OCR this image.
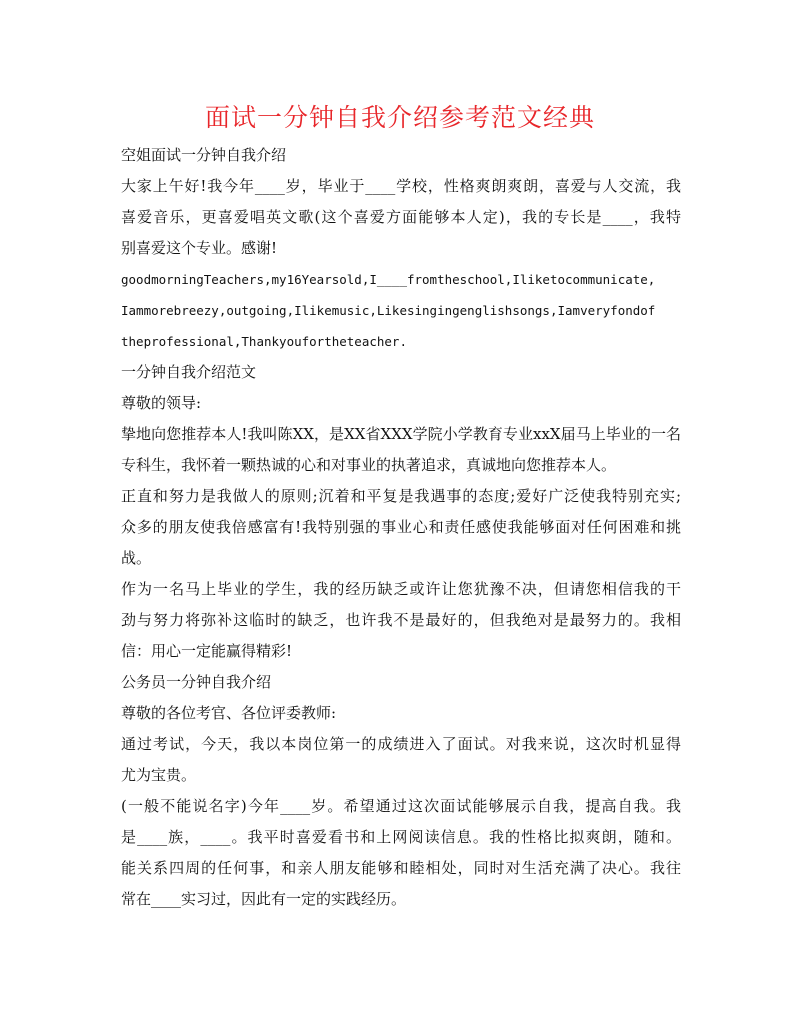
面试一分钟自我介绍参考范文经典
空姐面试一分钟自我介绍
大家上午好!我今年____岁，毕业于____学校，性格爽朗爽朗，喜爱与人交流，我
喜爱音乐，更喜爱唱英文歌(这个喜爱方面能够本人定)，我的专长是____，我特
别喜爱这个专业。感谢!
goodmorningTeachers,my16Yearsold,I____fromtheschool,Iliketocommunicate,
Iammorebreezy,outgoing,Ilikemusic,Likesingingenglishsongs,Iamveryfondof
theprofessional,Thankyoufortheteacher.
一分钟自我介绍范文
尊敬的领导:
挚地向您推荐本人!我叫陈XX，是XX省XXX学院小学教育专业xxX届马上毕业的一名
专科生，我怀着一颗热诚的心和对事业的执著追求，真诚地向您推荐本人。
正直和努力是我做人的原则;沉着和平复是我遇事的态度;爱好广泛使我特别充实;
众多的朋友使我倍感富有!我特别强的事业心和责任感使我能够面对任何困难和挑
战。
作为一名马上毕业的学生，我的经历缺乏或许让您犹豫不决，但请您相信我的干
劲与努力将弥补这临时的缺乏，也许我不是最好的，但我绝对是最努力的。我相
信：用心一定能赢得精彩!
公务员一分钟自我介绍
尊敬的各位考官、各位评委教师:
通过考试，今天，我以本岗位第一的成绩进入了面试。对我来说，这次时机显得
尤为宝贵。
(一般不能说名字)今年____岁。希望通过这次面试能够展示自我，提高自我。我
是____族，____。我平时喜爱看书和上网阅读信息。我的性格比拟爽朗，随和。
能关系四周的任何事，和亲人朋友能够和睦相处，同时对生活充满了决心。我往
常在____实习过，因此有一定的实践经历。
